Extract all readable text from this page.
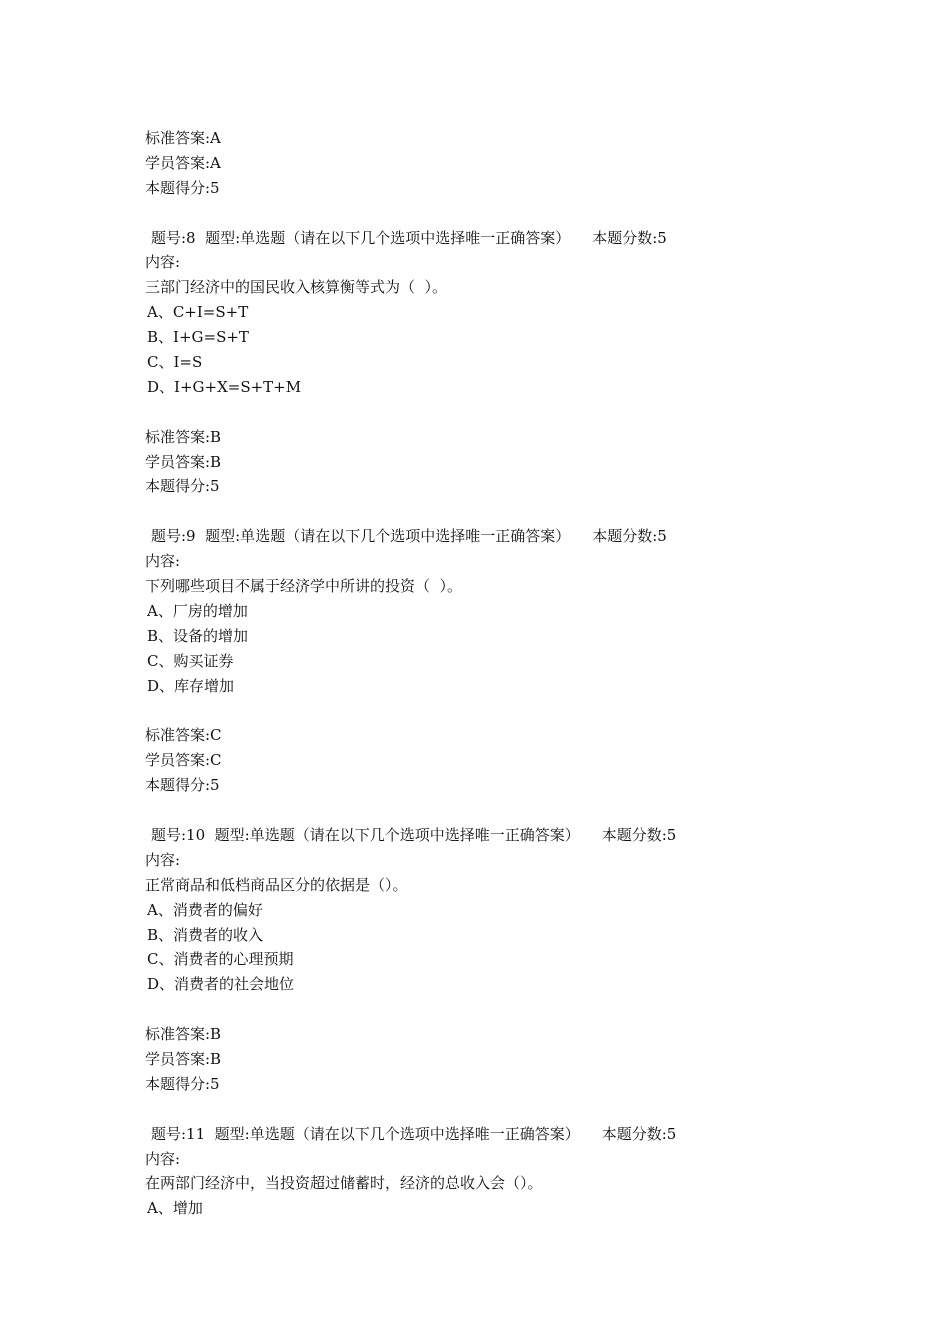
标准答案:A
学员答案:A
本题得分:5
题号:8  题型:单选题（请在以下几个选项中选择唯一正确答案） 本题分数:5
内容:
三部门经济中的国民收入核算衡等式为（  ）。
A、C+I=S+T
B、I+G=S+T
C、I=S
D、I+G+X=S+T+M
标准答案:B
学员答案:B
本题得分:5
题号:9  题型:单选题（请在以下几个选项中选择唯一正确答案） 本题分数:5
内容:
下列哪些项目不属于经济学中所讲的投资（  ）。
A、厂房的增加
B、设备的增加
C、购买证券
D、库存增加
标准答案:C
学员答案:C
本题得分:5
题号:10  题型:单选题（请在以下几个选项中选择唯一正确答案） 本题分数:5
内容:
正常商品和低档商品区分的依据是（）。
A、消费者的偏好
B、消费者的收入
C、消费者的心理预期
D、消费者的社会地位
标准答案:B
学员答案:B
本题得分:5
题号:11  题型:单选题（请在以下几个选项中选择唯一正确答案） 本题分数:5
内容:
在两部门经济中，当投资超过储蓄时，经济的总收入会（）。
A、增加
